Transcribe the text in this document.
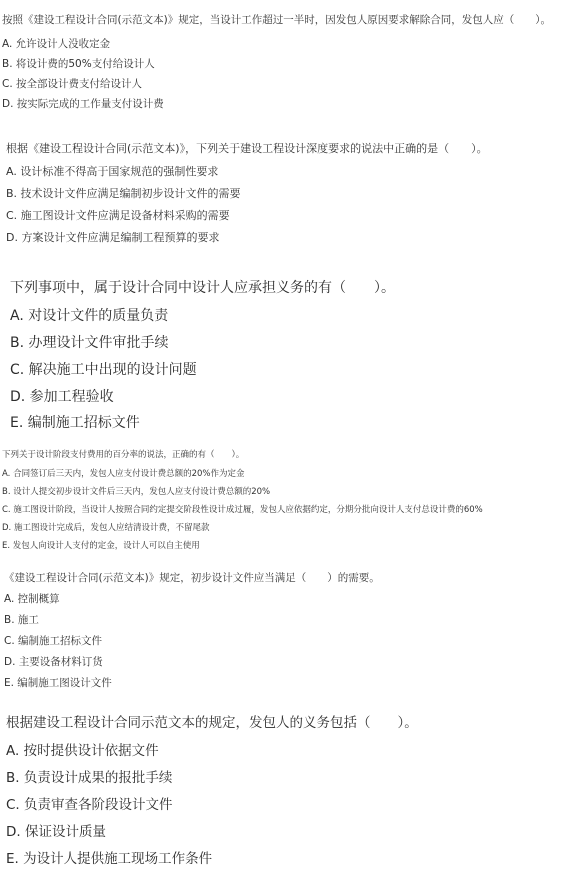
按照《建设工程设计合同(示范文本)》规定，当设计工作超过一半时，因发包人原因要求解除合同，发包人应（　　）。
A. 允许设计人没收定金
B. 将设计费的50%支付给设计人
C. 按全部设计费支付给设计人
D. 按实际完成的工作量支付设计费
根据《建设工程设计合同(示范文本)》，下列关于建设工程设计深度要求的说法中正确的是（　　）。
A. 设计标准不得高于国家规范的强制性要求
B. 技术设计文件应满足编制初步设计文件的需要
C. 施工图设计文件应满足设备材料采购的需要
D. 方案设计文件应满足编制工程预算的要求
下列事项中，属于设计合同中设计人应承担义务的有（　　）。
A. 对设计文件的质量负责
B. 办理设计文件审批手续
C. 解决施工中出现的设计问题
D. 参加工程验收
E. 编制施工招标文件
下列关于设计阶段支付费用的百分率的说法，正确的有（　　）。
A. 合同签订后三天内，发包人应支付设计费总额的20%作为定金
B. 设计人提交初步设计文件后三天内，发包人应支付设计费总额的20%
C. 施工图设计阶段，当设计人按照合同约定提交阶段性设计成过履，发包人应依据约定，分期分批向设计人支付总设计费的60%
D. 施工图设计完成后，发包人应结清设计费，不留尾款
E. 发包人向设计人支付的定金，设计人可以自主使用
《建设工程设计合同(示范文本)》规定，初步设计文件应当满足（　　）的需要。
A. 控制概算
B. 施工
C. 编制施工招标文件
D. 主要设备材料订货
E. 编制施工图设计文件
根据建设工程设计合同示范文本的规定，发包人的义务包括（　　）。
A. 按时提供设计依据文件
B. 负责设计成果的报批手续
C. 负责审查各阶段设计文件
D. 保证设计质量
E. 为设计人提供施工现场工作条件
